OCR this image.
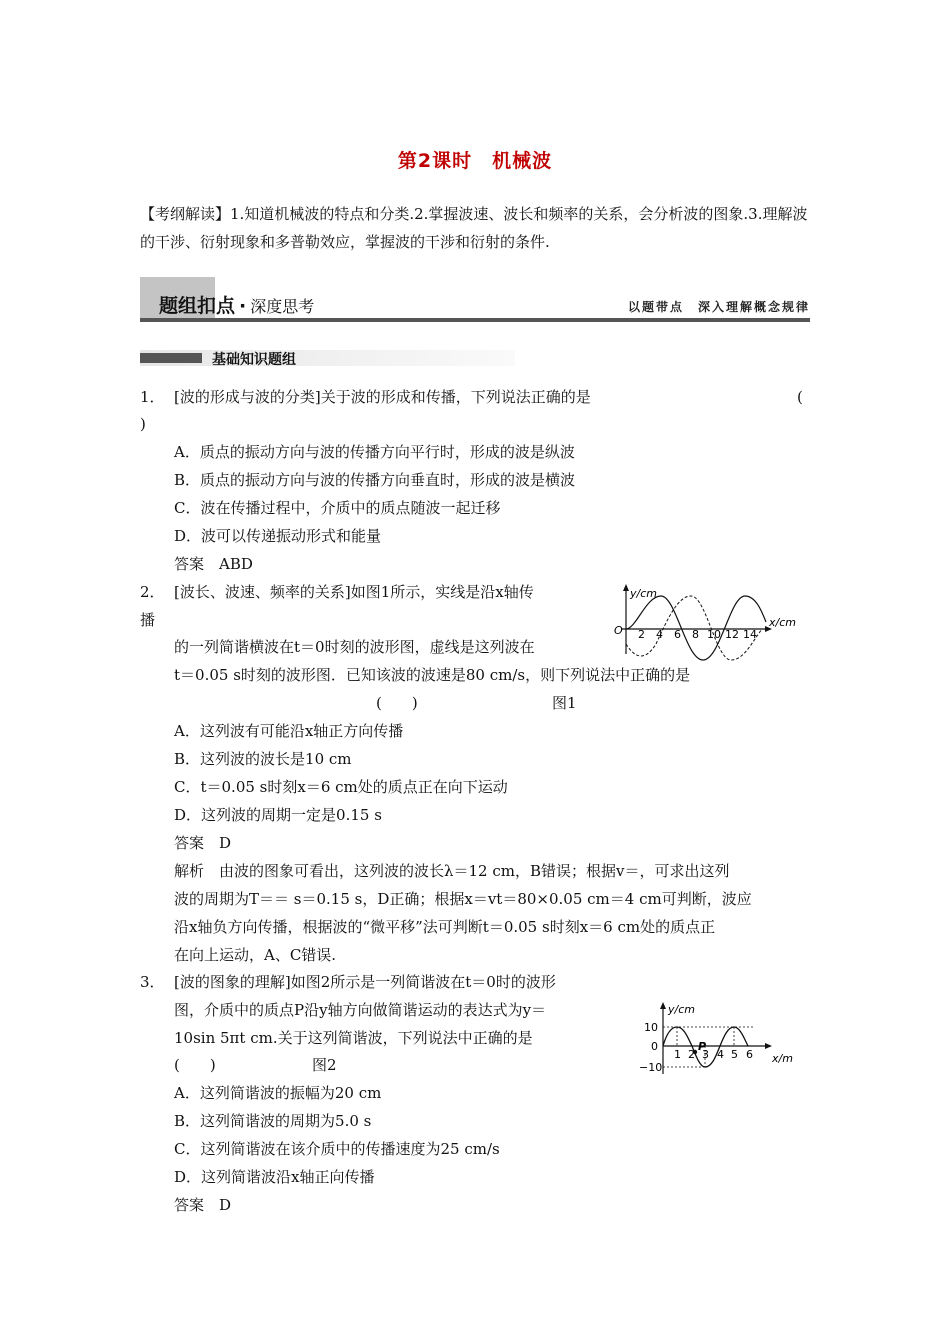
第2课时　机械波
【考纲解读】1.知道机械波的特点和分类.2.掌握波速、波长和频率的关系，会分析波的图象.3.理解波的干涉、衍射现象和多普勒效应，掌握波的干涉和衍射的条件.
题组扣点 · 深度思考	以题带点　深入理解概念规律
基础知识题组
1． [波的形成与波的分类]关于波的形成和传播，下列说法正确的是	(
)
A．质点的振动方向与波的传播方向平行时，形成的波是纵波
B．质点的振动方向与波的传播方向垂直时，形成的波是横波
C．波在传播过程中，介质中的质点随波一起迁移
D．波可以传递振动形式和能量
答案　ABD
2． [波长、波速、频率的关系]如图1所示，实线是沿x轴传
播
的一列简谐横波在t＝0时刻的波形图，虚线是这列波在
t＝0.05 s时刻的波形图．已知该波的波速是80 cm/s，则下列说法中正确的是
(　　)	图1
y/cm
x/cm
O 2 4 6 8 10 12 14
A．这列波有可能沿x轴正方向传播
B．这列波的波长是10 cm
C．t＝0.05 s时刻x＝6 cm处的质点正在向下运动
D．这列波的周期一定是0.15 s
答案　D
解析　由波的图象可看出，这列波的波长λ＝12 cm，B错误；根据v＝，可求出这列
波的周期为T＝＝ s＝0.15 s，D正确；根据x＝vt＝80×0.05 cm＝4 cm可判断，波应
沿x轴负方向传播，根据波的“微平移”法可判断t＝0.05 s时刻x＝6 cm处的质点正
在向上运动，A、C错误.
3． [波的图象的理解]如图2所示是一列简谐波在t＝0时的波形
图，介质中的质点P沿y轴方向做简谐运动的表达式为y＝
10sin 5πt cm.关于这列简谐波，下列说法中正确的是
(　　)	图2
P
y/cm
x/m
10
0
−10
1 2 3 4 5 6
A．这列简谐波的振幅为20 cm
B．这列简谐波的周期为5.0 s
C．这列简谐波在该介质中的传播速度为25 cm/s
D．这列简谐波沿x轴正向传播
答案　D
